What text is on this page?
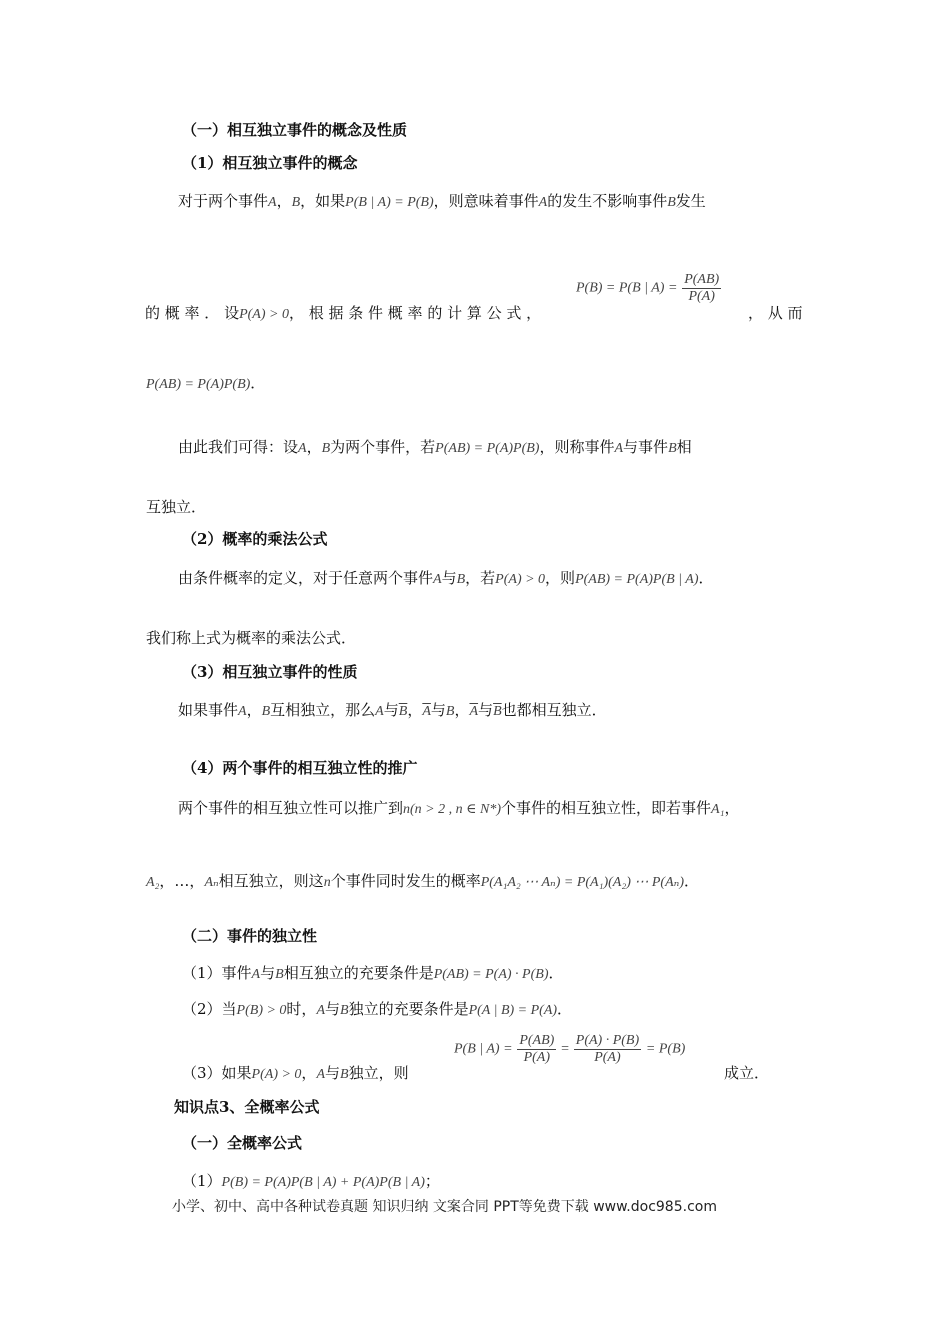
（一）相互独立事件的概念及性质
（1）相互独立事件的概念
对于两个事件A，B，如果P(B | A) = P(B)，则意味着事件A的发生不影响事件B发生
的 概 率 ． 设P(A) > 0， 根 据 条 件 概 率 的 计 算 公 式 ，
P(B) = P(B | $A) = \frac{P(AB)}{P(A)}$
， 从 而
P(AB) = P(A)P(B)．
由此我们可得：设A，B为两个事件，若P(AB) = P(A)P(B)，则称事件A与事件B相
互独立．
（2）概率的乘法公式
由条件概率的定义，对于任意两个事件A与B，若P(A) > 0，则P(AB) = P(A)P(B | A)．
我们称上式为概率的乘法公式．
（3）相互独立事件的性质
如果事件A，B互相独立，那么A与$\overline{B}$，$\overline{A}$与B，$\overline{A}$与$\overline{B}$也都相互独立．
（4）两个事件的相互独立性的推广
两个事件的相互独立性可以推广到n(n > 2 , n ∈ N*)个事件的相互独立性，即若事件A₁，
A₂，…，Aₙ相互独立，则这n个事件同时发生的概率P(A₁A₂ ⋯ Aₙ) = P(A₁)(A₂) ⋯ P(Aₙ)．
（二）事件的独立性
（1）事件A与B相互独立的充要条件是P(AB) = P(A) · P(B)．
（2）当P(B) > 0时，A与B独立的充要条件是P(A | B) = P(A)．
（3）如果P(A) > 0，A与B独立，则
P(B | $A) = \frac{P(AB)}{P(A)} = \frac{P(A) \cdot P(B)}{P(A)} = P(B)$
成立．
知识点3、全概率公式
（一）全概率公式
（1）P(B) = P(A)P(B | A) + P(A)P(B | A)；
小学、初中、高中各种试卷真题 知识归纳 文案合同 PPT等免费下载 www.doc985.com
